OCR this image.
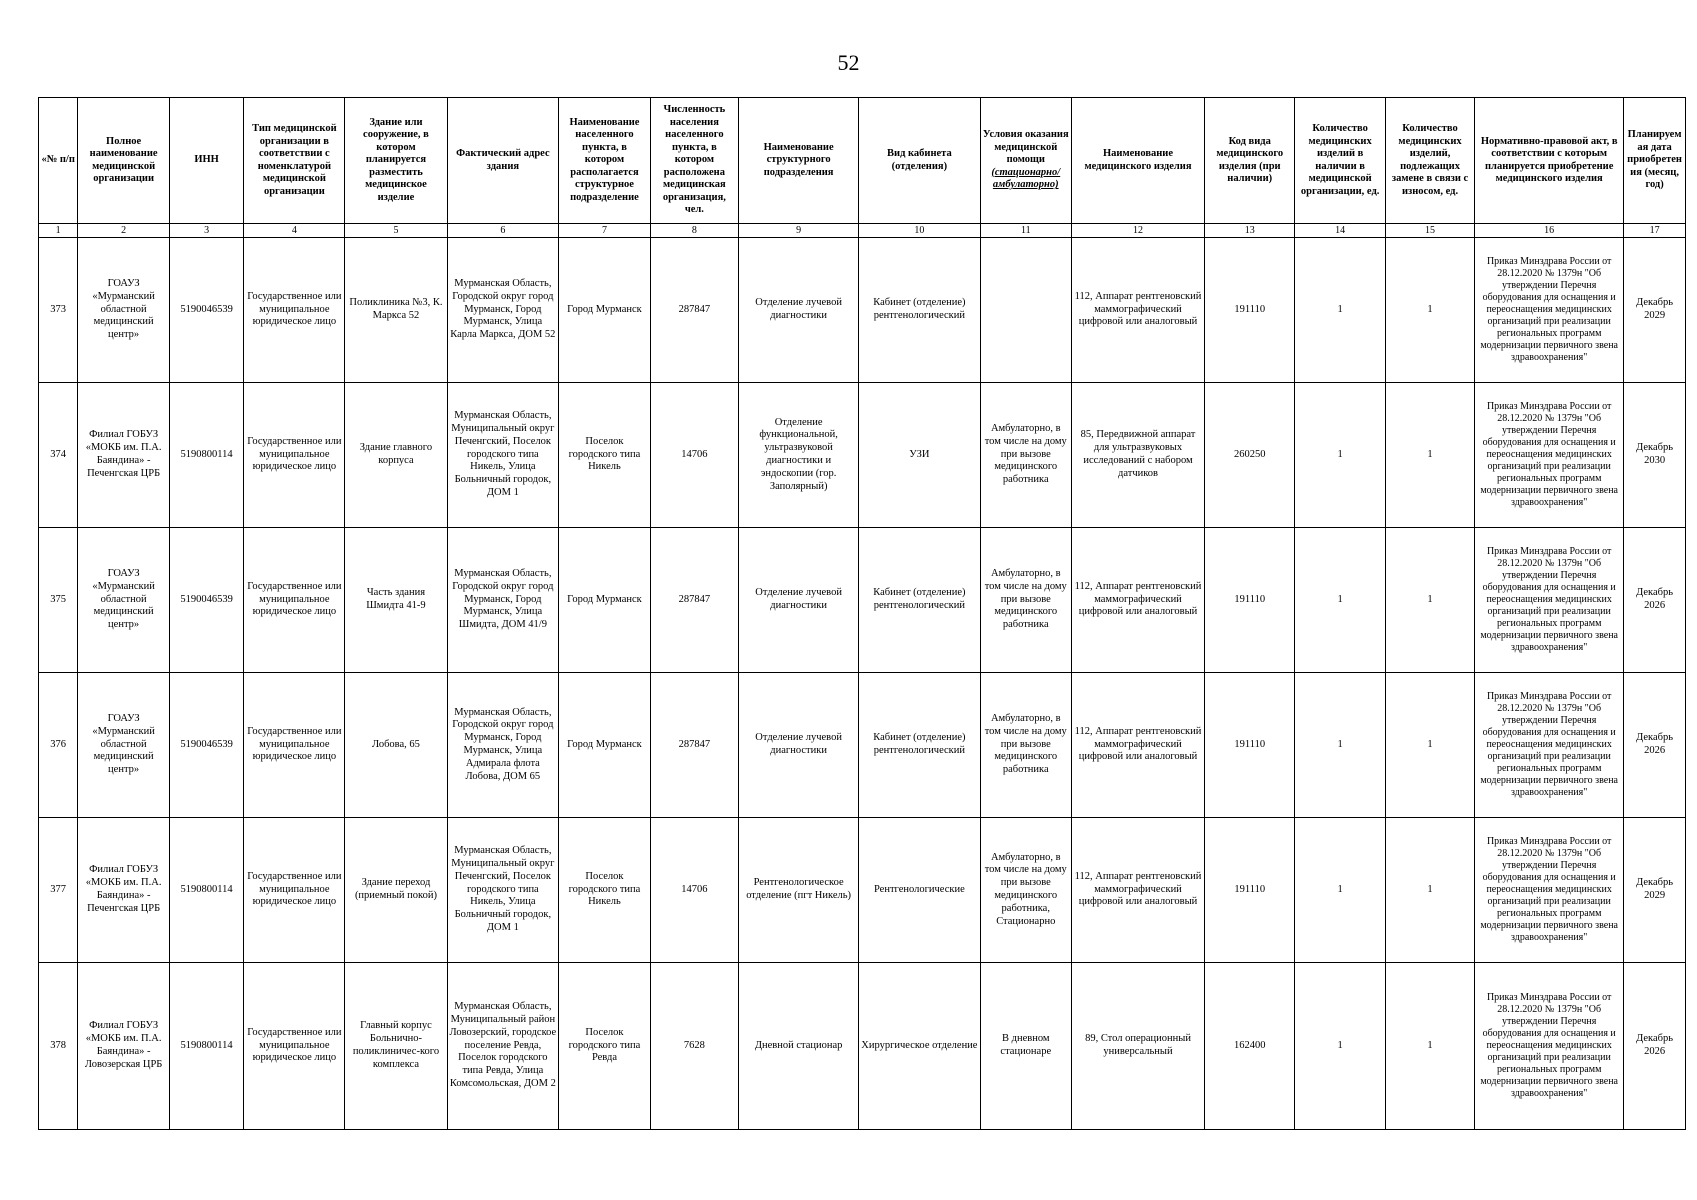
52
«№ п/п	Полное наименование медицинской организации	ИНН	Тип медицинской организации в соответствии с номенклатурой медицинской организации	Здание или сооружение, в котором планируется разместить медицинское изделие	Фактический адрес здания	Наименование населенного пункта, в котором располагается структурное подразделение	Численность населения населенного пункта, в котором расположена медицинская организация, чел.	Наименование структурного подразделения	Вид кабинета (отделения)	Условия оказания медицинской помощи (стационарно/ амбулаторно)	Наименование медицинского изделия	Код вида медицинского изделия (при наличии)	Количество медицинских изделий в наличии в медицинской организации, ед.	Количество медицинских изделий, подлежащих замене в связи с износом, ед.	Нормативно-правовой акт, в соответствии с которым планируется приобретение медицинского изделия	Планируемая дата приобретения (месяц, год)
1	2	3	4	5	6	7	8	9	10	11	12	13	14	15	16	17
373	ГОАУЗ «Мурманский областной медицинский центр»	5190046539	Государственное или муниципальное юридическое лицо	Поликлиника №3, К. Маркса 52	Мурманская Область, Городской округ город Мурманск, Город Мурманск, Улица Карла Маркса, ДОМ 52	Город Мурманск	287847	Отделение лучевой диагностики	Кабинет (отделение) рентгенологический		112, Аппарат рентгеновский маммографический цифровой или аналоговый	191110	1	1	Приказ Минздрава России от 28.12.2020 № 1379н "Об утверждении Перечня оборудования для оснащения и переоснащения медицинских организаций при реализации региональных программ модернизации первичного звена здравоохранения"	Декабрь 2029
374	Филиал ГОБУЗ «МОКБ им. П.А. Баяндина» - Печенгская ЦРБ	5190800114	Государственное или муниципальное юридическое лицо	Здание главного корпуса	Мурманская Область, Муниципальный округ Печенгский, Поселок городского типа Никель, Улица Больничный городок, ДОМ 1	Поселок городского типа Никель	14706	Отделение функциональной, ультразвуковой диагностики и эндоскопии (гор. Заполярный)	УЗИ	Амбулаторно, в том числе на дому при вызове медицинского работника	85, Передвижной аппарат для ультразвуковых исследований с набором датчиков	260250	1	1	Приказ Минздрава России от 28.12.2020 № 1379н "Об утверждении Перечня оборудования для оснащения и переоснащения медицинских организаций при реализации региональных программ модернизации первичного звена здравоохранения"	Декабрь 2030
375	ГОАУЗ «Мурманский областной медицинский центр»	5190046539	Государственное или муниципальное юридическое лицо	Часть здания Шмидта 41-9	Мурманская Область, Городской округ город Мурманск, Город Мурманск, Улица Шмидта, ДОМ 41/9	Город Мурманск	287847	Отделение лучевой диагностики	Кабинет (отделение) рентгенологический	Амбулаторно, в том числе на дому при вызове медицинского работника	112, Аппарат рентгеновский маммографический цифровой или аналоговый	191110	1	1	Приказ Минздрава России от 28.12.2020 № 1379н "Об утверждении Перечня оборудования для оснащения и переоснащения медицинских организаций при реализации региональных программ модернизации первичного звена здравоохранения"	Декабрь 2026
376	ГОАУЗ «Мурманский областной медицинский центр»	5190046539	Государственное или муниципальное юридическое лицо	Лобова, 65	Мурманская Область, Городской округ город Мурманск, Город Мурманск, Улица Адмирала флота Лобова, ДОМ 65	Город Мурманск	287847	Отделение лучевой диагностики	Кабинет (отделение) рентгенологический	Амбулаторно, в том числе на дому при вызове медицинского работника	112, Аппарат рентгеновский маммографический цифровой или аналоговый	191110	1	1	Приказ Минздрава России от 28.12.2020 № 1379н "Об утверждении Перечня оборудования для оснащения и переоснащения медицинских организаций при реализации региональных программ модернизации первичного звена здравоохранения"	Декабрь 2026
377	Филиал ГОБУЗ «МОКБ им. П.А. Баяндина» - Печенгская ЦРБ	5190800114	Государственное или муниципальное юридическое лицо	Здание переход (приемный покой)	Мурманская Область, Муниципальный округ Печенгский, Поселок городского типа Никель, Улица Больничный городок, ДОМ 1	Поселок городского типа Никель	14706	Рентгенологическое отделение (пгт Никель)	Рентгенологические	Амбулаторно, в том числе на дому при вызове медицинского работника, Стационарно	112, Аппарат рентгеновский маммографический цифровой или аналоговый	191110	1	1	Приказ Минздрава России от 28.12.2020 № 1379н "Об утверждении Перечня оборудования для оснащения и переоснащения медицинских организаций при реализации региональных программ модернизации первичного звена здравоохранения"	Декабрь 2029
378	Филиал ГОБУЗ «МОКБ им. П.А. Баяндина» - Ловозерская ЦРБ	5190800114	Государственное или муниципальное юридическое лицо	Главный корпус Больнично-поликлиничес-кого комплекса	Мурманская Область, Муниципальный район Ловозерский, городское поселение Ревда, Поселок городского типа Ревда, Улица Комсомольская, ДОМ 2	Поселок городского типа Ревда	7628	Дневной стационар	Хирургическое отделение	В дневном стационаре	89, Стол операционный универсальный	162400	1	1	Приказ Минздрава России от 28.12.2020 № 1379н "Об утверждении Перечня оборудования для оснащения и переоснащения медицинских организаций при реализации региональных программ модернизации первичного звена здравоохранения"	Декабрь 2026
